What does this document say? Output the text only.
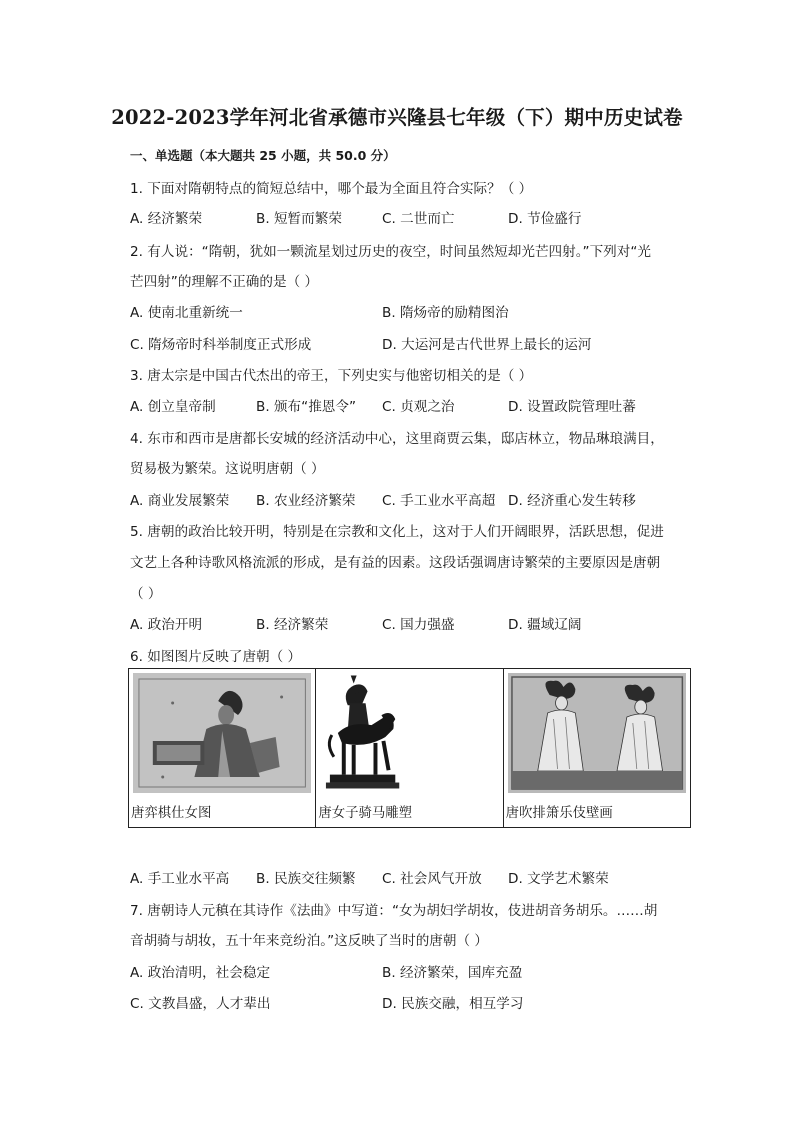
2022-2023学年河北省承德市兴隆县七年级（下）期中历史试卷
一、单选题（本大题共 25 小题，共 50.0 分）
1. 下面对隋朝特点的简短总结中，哪个最为全面且符合实际？（ ）
A. 经济繁荣	B. 短暂而繁荣	C. 二世而亡	D. 节俭盛行
2. 有人说：“隋朝，犹如一颗流星划过历史的夜空，时间虽然短却光芒四射。”下列对“光
芒四射”的理解不正确的是（ ）
A. 使南北重新统一	B. 隋炀帝的励精图治
C. 隋炀帝时科举制度正式形成	D. 大运河是古代世界上最长的运河
3. 唐太宗是中国古代杰出的帝王，下列史实与他密切相关的是（ ）
A. 创立皇帝制	B. 颁布“推恩令” C. 贞观之治	D. 设置政院管理吐蕃
4. 东市和西市是唐都长安城的经济活动中心，这里商贾云集，邸店林立，物品琳琅满目，
贸易极为繁荣。这说明唐朝（ ）
A. 商业发展繁荣 B. 农业经济繁荣 C. 手工业水平高超 D. 经济重心发生转移
5. 唐朝的政治比较开明，特别是在宗教和文化上，这对于人们开阔眼界，活跃思想，促进
文艺上各种诗歌风格流派的形成，是有益的因素。这段话强调唐诗繁荣的主要原因是唐朝
（ ）
A. 政治开明	B. 经济繁荣	C. 国力强盛	D. 疆域辽阔
6. 如图图片反映了唐朝（ ）
唐弈棋仕女图	唐女子骑马雕塑	唐吹排箫乐伎壁画
A. 手工业水平高 B. 民族交往频繁 C. 社会风气开放 D. 文学艺术繁荣
7. 唐朝诗人元稹在其诗作《法曲》中写道：“女为胡妇学胡妆，伎进胡音务胡乐。……胡
音胡骑与胡妆，五十年来竞纷泊。”这反映了当时的唐朝（ ）
A. 政治清明，社会稳定	B. 经济繁荣，国库充盈
C. 文教昌盛，人才辈出	D. 民族交融，相互学习
